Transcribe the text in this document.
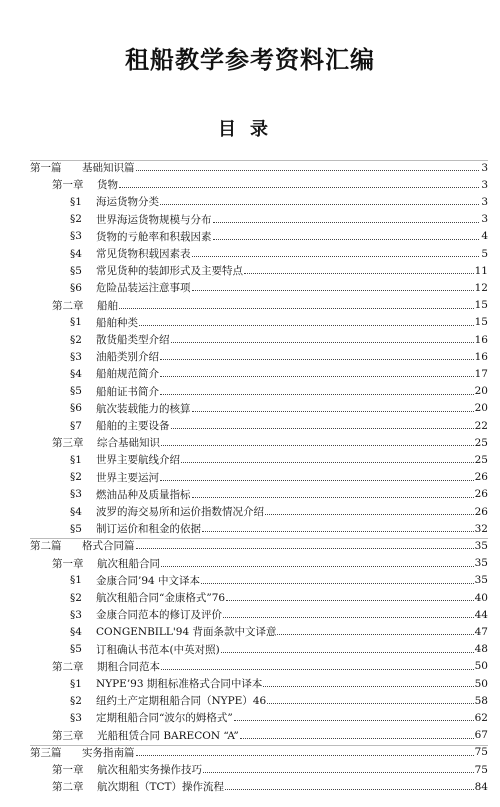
租船教学参考资料汇编
目录
第一篇	基础知识篇	3
第一章	货物	3
§1	海运货物分类	3
§2	世界海运货物规模与分布	3
§3	货物的亏舱率和积载因素	4
§4	常见货物积载因素表	5
§5	常见货种的装卸形式及主要特点	11
§6	危险品装运注意事项	12
第二章	船舶	15
§1	船舶种类	15
§2	散货船类型介绍	16
§3	油船类别介绍	16
§4	船舶规范简介	17
§5	船舶证书简介	20
§6	航次装载能力的核算	20
§7	船舶的主要设备	22
第三章	综合基础知识	25
§1	世界主要航线介绍	25
§2	世界主要运河	26
§3	燃油品种及质量指标	26
§4	波罗的海交易所和运价指数情况介绍	26
§5	制订运价和租金的依据	32
第二篇	格式合同篇	35
第一章	航次租船合同	35
§1	金康合同’94 中文译本	35
§2	航次租船合同“金康格式”76	40
§3	金康合同范本的修订及评价	44
§4	CONGENBILL'94 背面条款中文译意	47
§5	订租确认书范本(中英对照)	48
第二章	期租合同范本	50
§1	NYPE’93 期租标准格式合同中译本	50
§2	纽约土产定期租船合同（NYPE）46	58
§3	定期租船合同“波尔的姆格式”	62
第三章	光船租赁合同 BARECON “A”	67
第三篇	实务指南篇	75
第一章	航次租船实务操作技巧	75
第二章	航次期租（TCT）操作流程	84
